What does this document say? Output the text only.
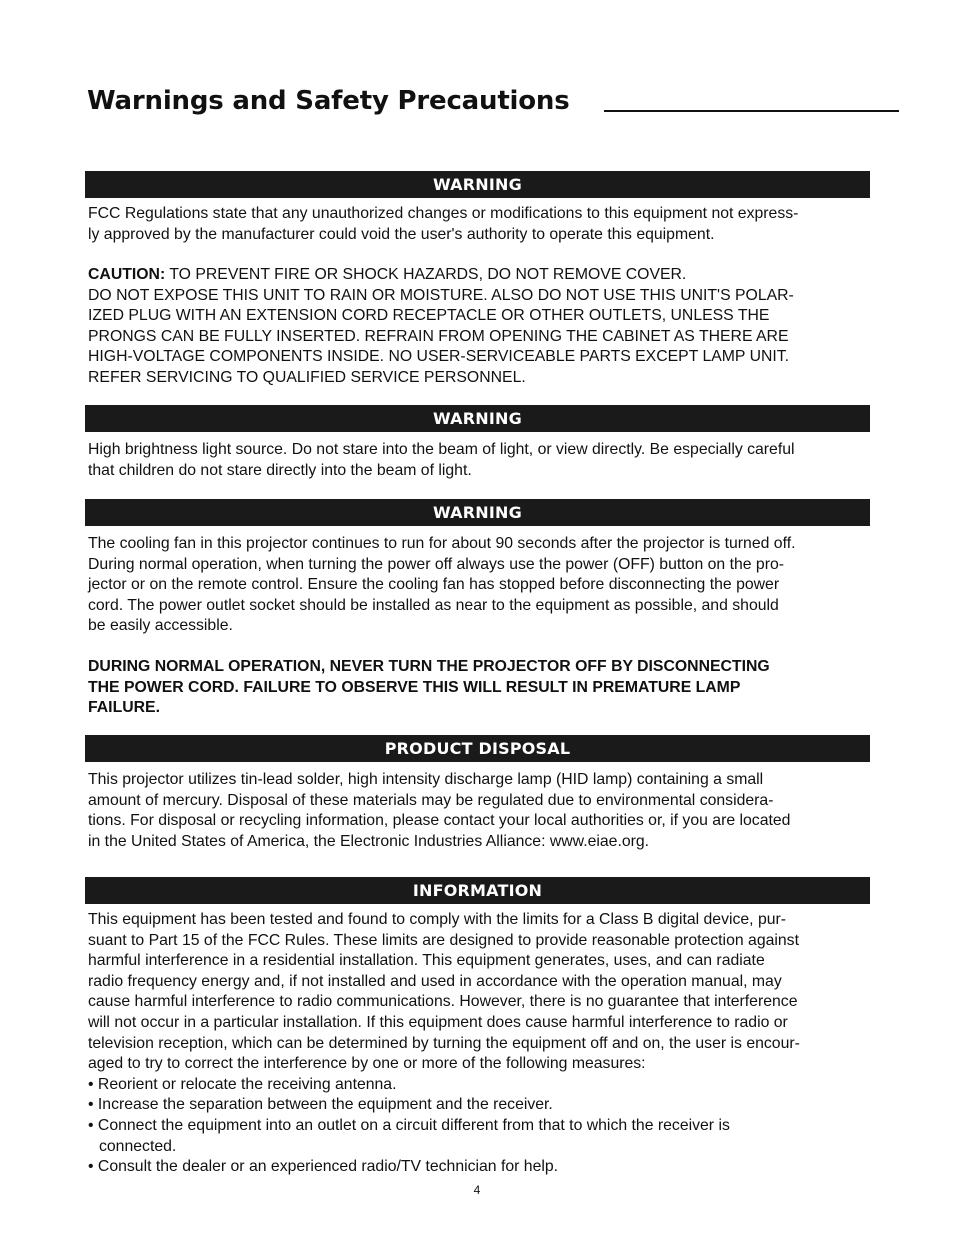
Warnings and Safety Precautions
WARNING
FCC Regulations state that any unauthorized changes or modifications to this equipment not express-
ly approved by the manufacturer could void the user's authority to operate this equipment.
CAUTION: TO PREVENT FIRE OR SHOCK HAZARDS, DO NOT REMOVE COVER.
DO NOT EXPOSE THIS UNIT TO RAIN OR MOISTURE. ALSO DO NOT USE THIS UNIT'S POLAR-
IZED PLUG WITH AN EXTENSION CORD RECEPTACLE OR OTHER OUTLETS, UNLESS THE
PRONGS CAN BE FULLY INSERTED. REFRAIN FROM OPENING THE CABINET AS THERE ARE
HIGH-VOLTAGE COMPONENTS INSIDE. NO USER-SERVICEABLE PARTS EXCEPT LAMP UNIT.
REFER SERVICING TO QUALIFIED SERVICE PERSONNEL.
WARNING
High brightness light source. Do not stare into the beam of light, or view directly. Be especially careful
that children do not stare directly into the beam of light.
WARNING
The cooling fan in this projector continues to run for about 90 seconds after the projector is turned off.
During normal operation, when turning the power off always use the power (OFF) button on the pro-
jector or on the remote control. Ensure the cooling fan has stopped before disconnecting the power
cord. The power outlet socket should be installed as near to the equipment as possible, and should
be easily accessible.
DURING NORMAL OPERATION, NEVER TURN THE PROJECTOR OFF BY DISCONNECTING
THE POWER CORD. FAILURE TO OBSERVE THIS WILL RESULT IN PREMATURE LAMP
FAILURE.
PRODUCT DISPOSAL
This projector utilizes tin-lead solder, high intensity discharge lamp (HID lamp) containing a small
amount of mercury. Disposal of these materials may be regulated due to environmental considera-
tions. For disposal or recycling information, please contact your local authorities or, if you are located
in the United States of America, the Electronic Industries Alliance: www.eiae.org.
INFORMATION
This equipment has been tested and found to comply with the limits for a Class B digital device, pur-
suant to Part 15 of the FCC Rules. These limits are designed to provide reasonable protection against
harmful interference in a residential installation. This equipment generates, uses, and can radiate
radio frequency energy and, if not installed and used in accordance with the operation manual, may
cause harmful interference to radio communications. However, there is no guarantee that interference
will not occur in a particular installation. If this equipment does cause harmful interference to radio or
television reception, which can be determined by turning the equipment off and on, the user is encour-
aged to try to correct the interference by one or more of the following measures:
• Reorient or relocate the receiving antenna.
• Increase the separation between the equipment and the receiver.
• Connect the equipment into an outlet on a circuit different from that to which the receiver is
connected.
• Consult the dealer or an experienced radio/TV technician for help.
4
